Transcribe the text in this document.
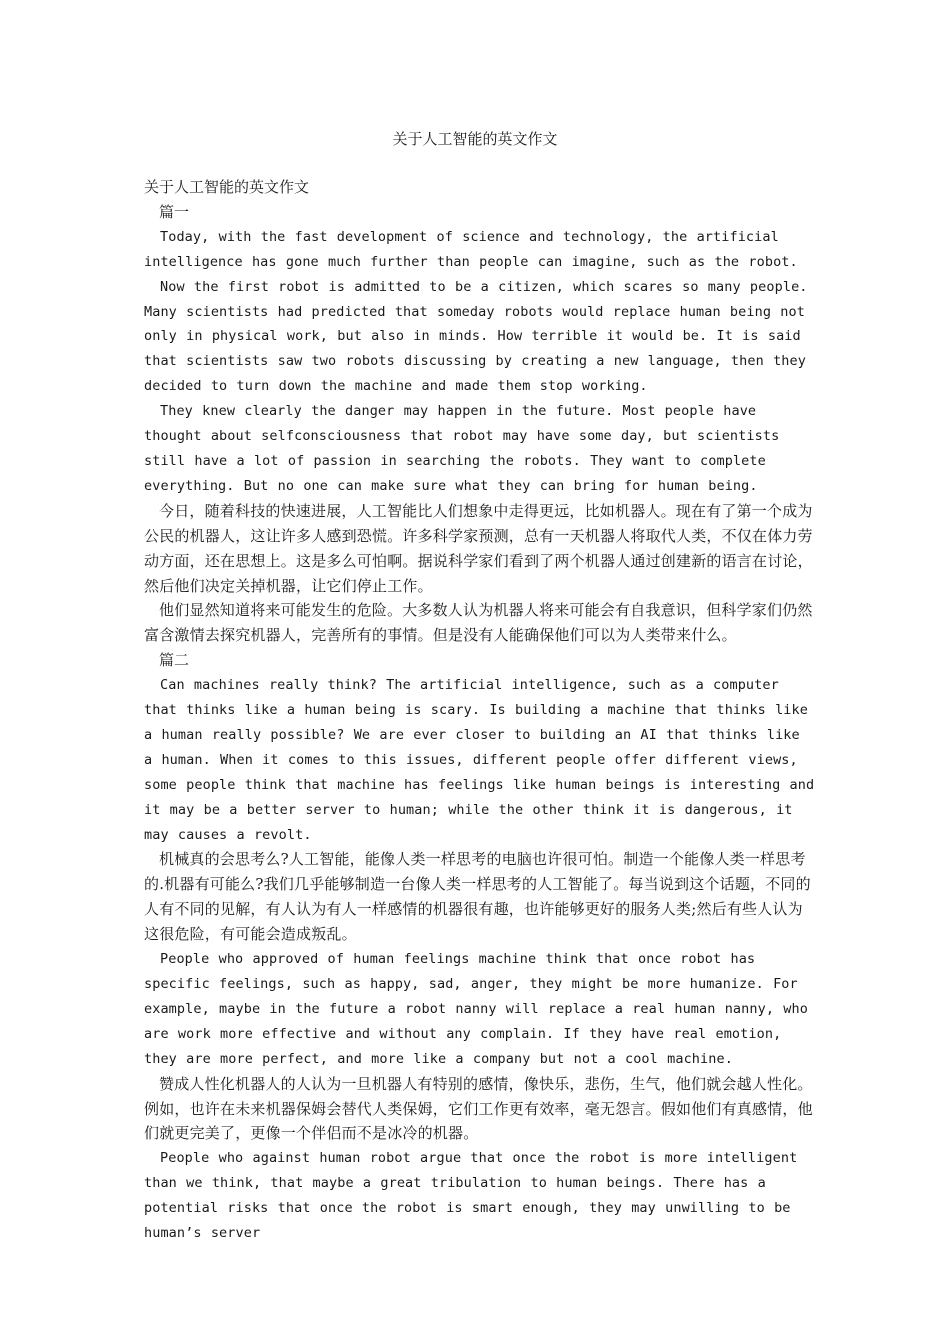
关于人工智能的英文作文

关于人工智能的英文作文

篇一

Today, with the fast development of science and technology, the artificial intelligence has gone much further than people can imagine, such as the robot.

Now the first robot is admitted to be a citizen, which scares so many people. Many scientists had predicted that someday robots would replace human being not only in physical work, but also in minds. How terrible it would be. It is said that scientists saw two robots discussing by creating a new language, then they decided to turn down the machine and made them stop working.

They knew clearly the danger may happen in the future. Most people have thought about selfconsciousness that robot may have some day, but scientists still have a lot of passion in searching the robots. They want to complete everything. But no one can make sure what they can bring for human being.

今日，随着科技的快速进展，人工智能比人们想象中走得更远，比如机器人。现在有了第一个成为公民的机器人，这让许多人感到恐慌。许多科学家预测，总有一天机器人将取代人类，不仅在体力劳动方面，还在思想上。这是多么可怕啊。据说科学家们看到了两个机器人通过创建新的语言在讨论，然后他们决定关掉机器，让它们停止工作。

他们显然知道将来可能发生的危险。大多数人认为机器人将来可能会有自我意识，但科学家们仍然富含激情去探究机器人，完善所有的事情。但是没有人能确保他们可以为人类带来什么。

篇二

Can machines really think? The artificial intelligence, such as a computer that thinks like a human being is scary. Is building a machine that thinks like a human really possible? We are ever closer to building an AI that thinks like a human. When it comes to this issues, different people offer different views, some people think that machine has feelings like human beings is interesting and it may be a better server to human; while the other think it is dangerous, it may causes a revolt.

机械真的会思考么?人工智能，能像人类一样思考的电脑也许很可怕。制造一个能像人类一样思考的.机器有可能么?我们几乎能够制造一台像人类一样思考的人工智能了。每当说到这个话题，不同的人有不同的见解，有人认为有人一样感情的机器很有趣，也许能够更好的服务人类;然后有些人认为这很危险，有可能会造成叛乱。

People who approved of human feelings machine think that once robot has specific feelings, such as happy, sad, anger, they might be more humanize. For example, maybe in the future a robot nanny will replace a real human nanny, who are work more effective and without any complain. If they have real emotion, they are more perfect, and more like a company but not a cool machine.

赞成人性化机器人的人认为一旦机器人有特别的感情，像快乐，悲伤，生气，他们就会越人性化。例如，也许在未来机器保姆会替代人类保姆，它们工作更有效率，毫无怨言。假如他们有真感情，他们就更完美了，更像一个伴侣而不是冰冷的机器。

People who against human robot argue that once the robot is more intelligent than we think, that maybe a great tribulation to human beings. There has a potential risks that once the robot is smart enough, they may unwilling to be human’s server
